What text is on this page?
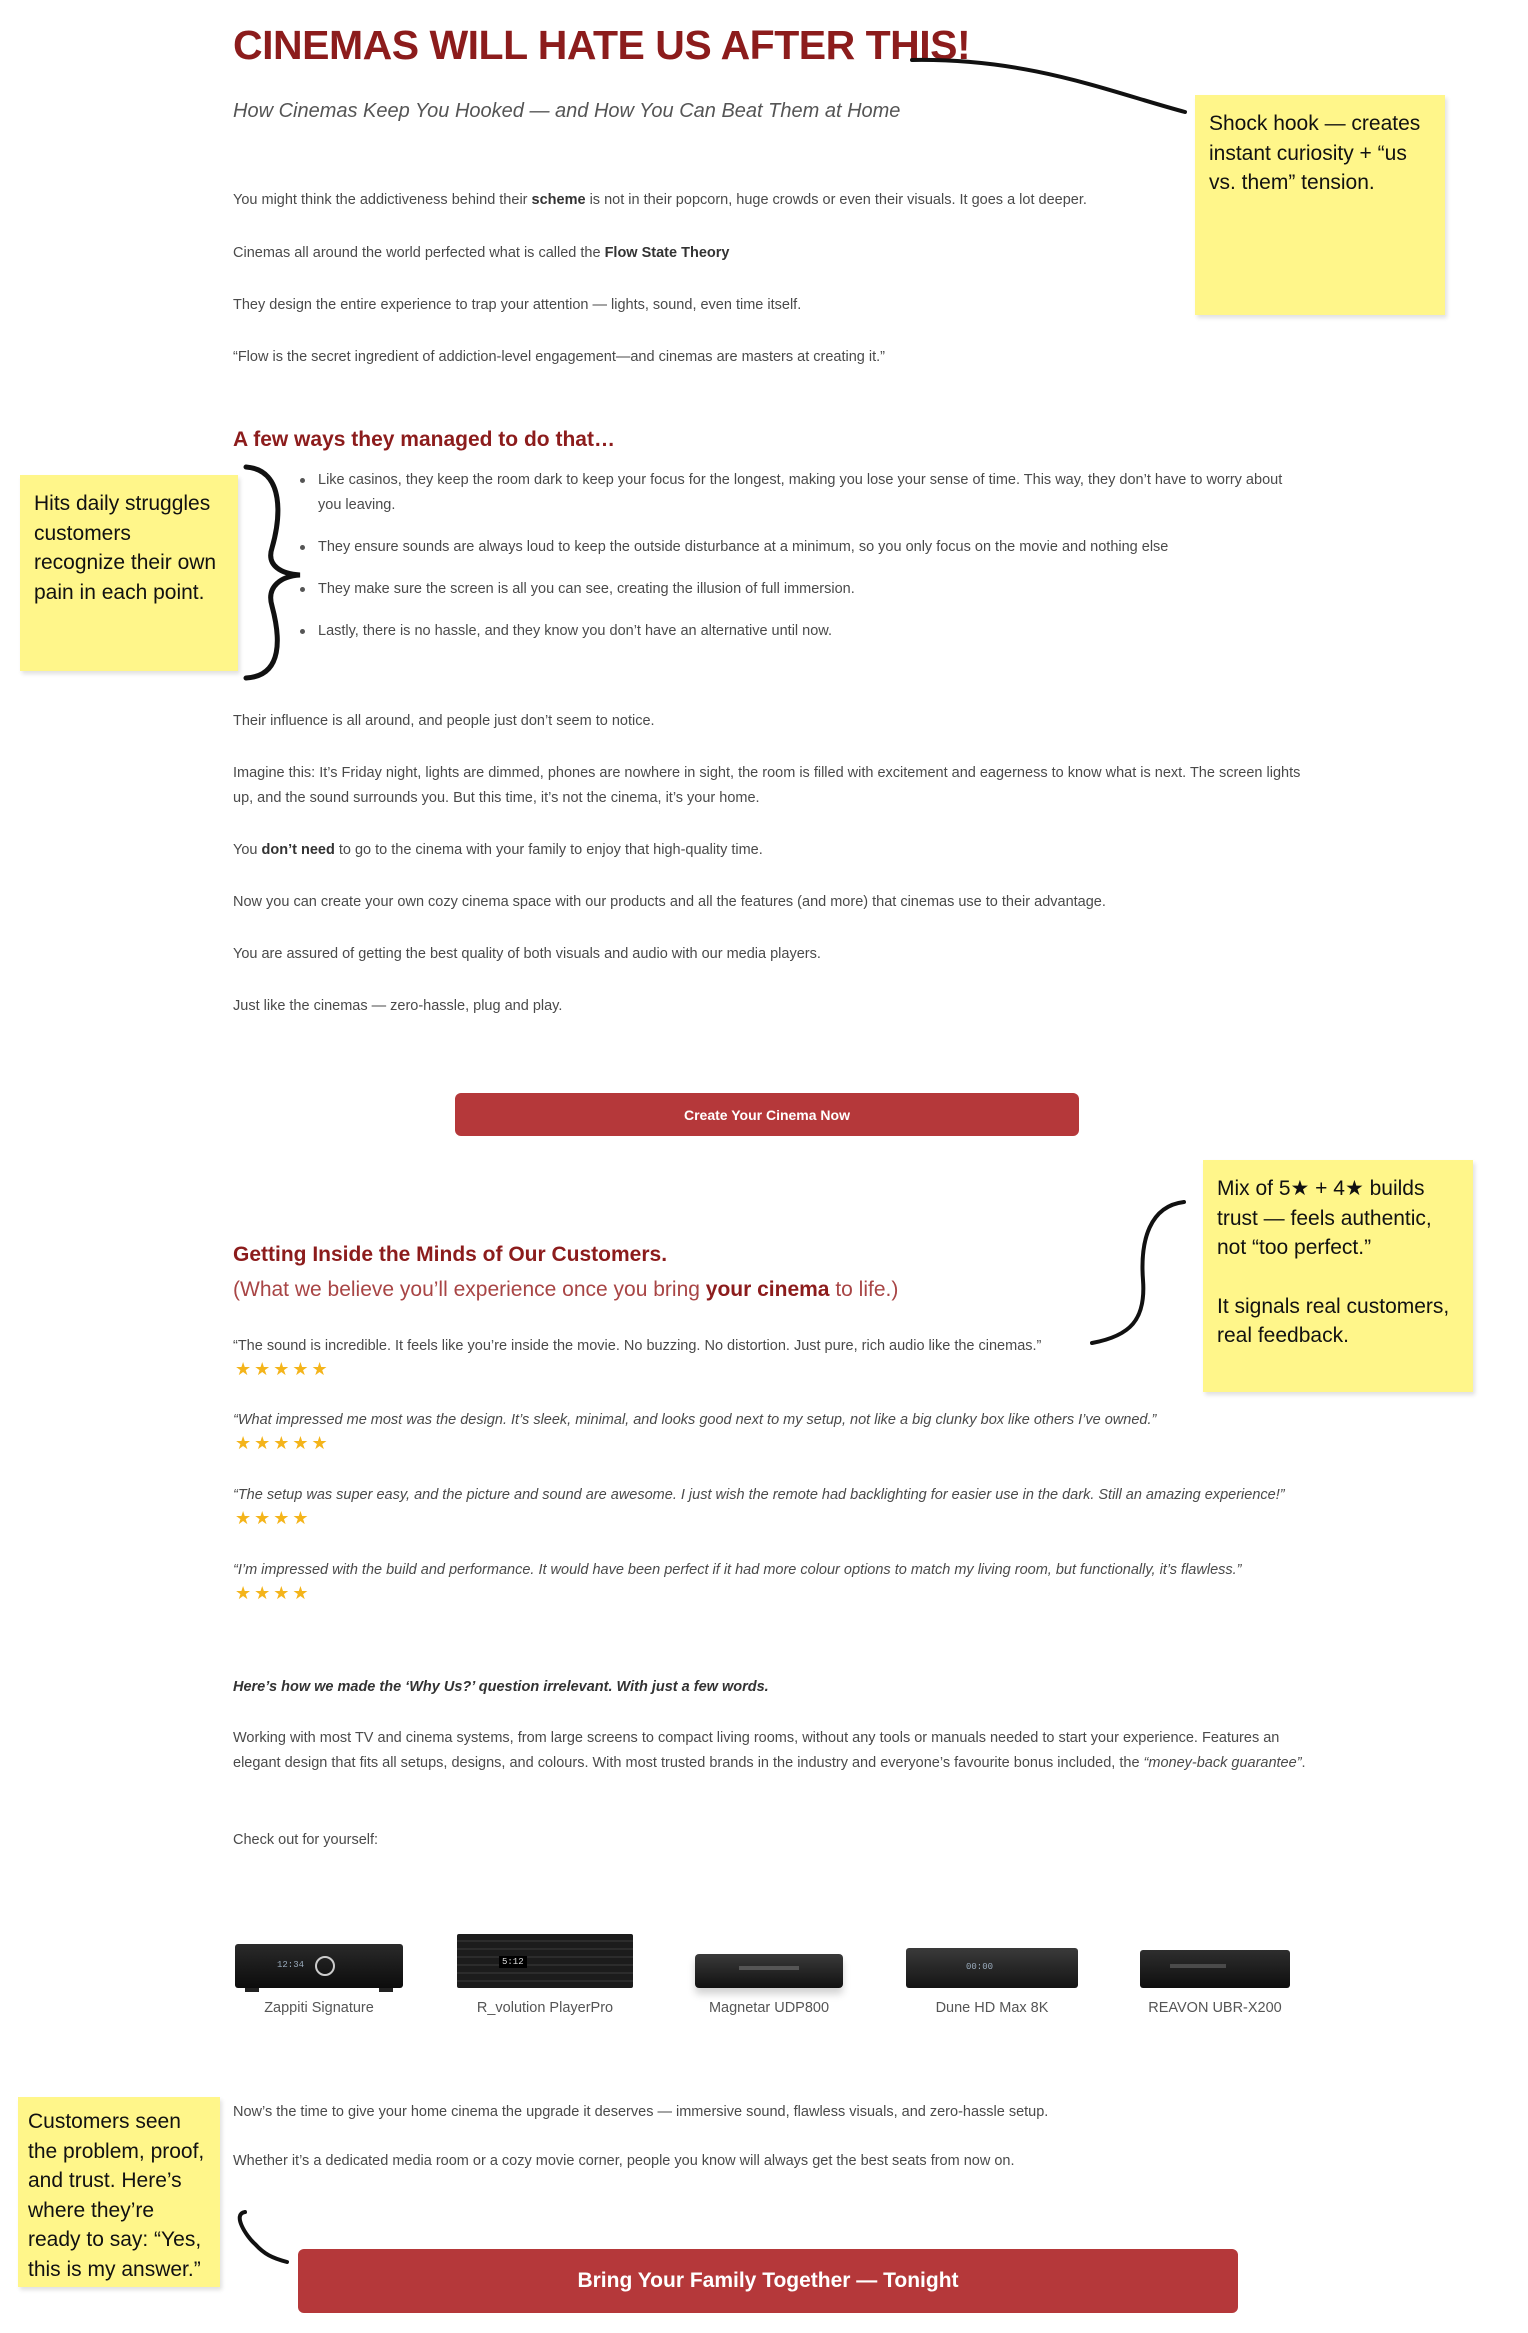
CINEMAS WILL HATE US AFTER THIS!

How Cinemas Keep You Hooked — and How You Can Beat Them at Home

You might think the addictiveness behind their scheme is not in their popcorn, huge crowds or even their visuals. It goes a lot deeper.

Cinemas all around the world perfected what is called the Flow State Theory

They design the entire experience to trap your attention — lights, sound, even time itself.

“Flow is the secret ingredient of addiction-level engagement—and cinemas are masters at creating it.”

A few ways they managed to do that…
Like casinos, they keep the room dark to keep your focus for the longest, making you lose your sense of time. This way, they don’t have to worry about you leaving.
They ensure sounds are always loud to keep the outside disturbance at a minimum, so you only focus on the movie and nothing else
They make sure the screen is all you can see, creating the illusion of full immersion.
Lastly, there is no hassle, and they know you don’t have an alternative until now.

Their influence is all around, and people just don’t seem to notice.

Imagine this: It’s Friday night, lights are dimmed, phones are nowhere in sight, the room is filled with excitement and eagerness to know what is next. The screen lights up, and the sound surrounds you. But this time, it’s not the cinema, it’s your home.

You don’t need to go to the cinema with your family to enjoy that high-quality time.

Now you can create your own cozy cinema space with our products and all the features (and more) that cinemas use to their advantage.

You are assured of getting the best quality of both visuals and audio with our media players.

Just like the cinemas — zero-hassle, plug and play.

Create Your Cinema Now
Getting Inside the Minds of Our Customers.

(What we believe you’ll experience once you bring your cinema to life.)

“The sound is incredible. It feels like you’re inside the movie. No buzzing. No distortion. Just pure, rich audio like the cinemas.”

★★★★★

“What impressed me most was the design. It’s sleek, minimal, and looks good next to my setup, not like a big clunky box like others I’ve owned.”

★★★★★

“The setup was super easy, and the picture and sound are awesome. I just wish the remote had backlighting for easier use in the dark. Still an amazing experience!”

★★★★

“I’m impressed with the build and performance. It would have been perfect if it had more colour options to match my living room, but functionally, it’s flawless.”

★★★★

Here’s how we made the ‘Why Us?’ question irrelevant. With just a few words.

Working with most TV and cinema systems, from large screens to compact living rooms, without any tools or manuals needed to start your experience. Features an elegant design that fits all setups, designs, and colours. With most trusted brands in the industry and everyone’s favourite bonus included, the “money-back guarantee”.

Check out for yourself:

12:34
Zappiti Signature
5:12
R_volution PlayerPro	Magnetar UDP800
00:00
Dune HD Max 8K	REAVON UBR-X200

Now’s the time to give your home cinema the upgrade it deserves — immersive sound, flawless visuals, and zero-hassle setup.

Whether it’s a dedicated media room or a cozy movie corner, people you know will always get the best seats from now on.

Bring Your Family Together — Tonight
Shock hook — creates instant curiosity + “us vs. them” tension.
Hits daily struggles customers recognize their own pain in each point.
Mix of 5★ + 4★ builds trust — feels authentic, not “too perfect.”
It signals real customers, real feedback.
Customers seen the problem, proof, and trust. Here’s where they’re ready to say: “Yes, this is my answer.”
